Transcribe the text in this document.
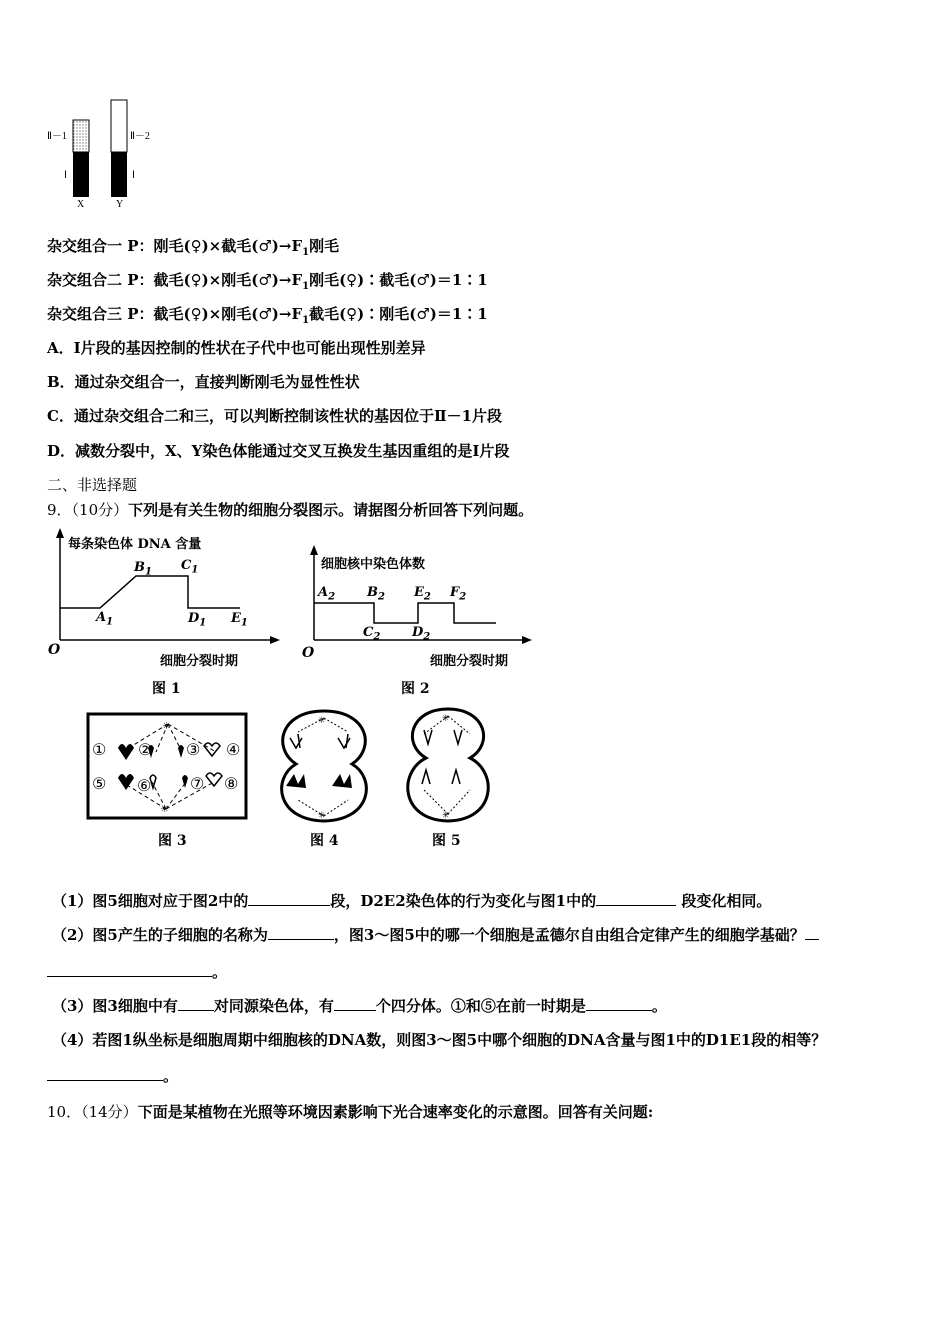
Ⅱ－1	Ⅱ－2
Ⅰ	Ⅰ
X	Y
杂交组合一 P：刚毛(♀)×截毛$(♂)\to F_1$刚毛
杂交组合二 P：截毛(♀)×刚毛$(♂)\to F_1$刚毛(♀)∶截毛(♂)＝1∶1
杂交组合三 P：截毛(♀)×刚毛$(♂)\to F_1$截毛(♀)∶刚毛(♂)＝1∶1
A．Ⅰ片段的基因控制的性状在子代中也可能出现性别差异
B．通过杂交组合一，直接判断刚毛为显性性状
C．通过杂交组合二和三，可以判断控制该性状的基因位于Ⅱ－1片段
D．减数分裂中，X、Y染色体能通过交叉互换发生基因重组的是Ⅰ片段
二、非选择题
9．（10分）下列是有关生物的细胞分裂图示。请据图分析回答下列问题。
每条染色体 DNA 含量
O
细胞分裂时期
$A_1$
$B_1$ $C_1$
$D_1$ $E_1$
图 1
细胞核中染色体数
O
细胞分裂时期
$A_2$ $B_2$
$C_2$ $D_2$
$E_2$ $F_2$
图 2
☀
☀
① ② ③ ④
⑤ ⑥ ⑦ ⑧
图 3
✳
✳
图 4
✳
✳
图 5
（1）图5细胞对应于图2中的	段，D2E2染色体的行为变化与图1中的	段变化相同。
（2）图5产生的子细胞的名称为	，图3～图5中的哪一个细胞是孟德尔自由组合定律产生的细胞学基础？
。
（3）图3细胞中有 对同源染色体，有	个四分体。①和⑤在前一时期是	。
（4）若图1纵坐标是细胞周期中细胞核的DNA数，则图3～图5中哪个细胞的DNA含量与图1中的D1E1段的相等？
。
10．（14分）下面是某植物在光照等环境因素影响下光合速率变化的示意图。回答有关问题:
